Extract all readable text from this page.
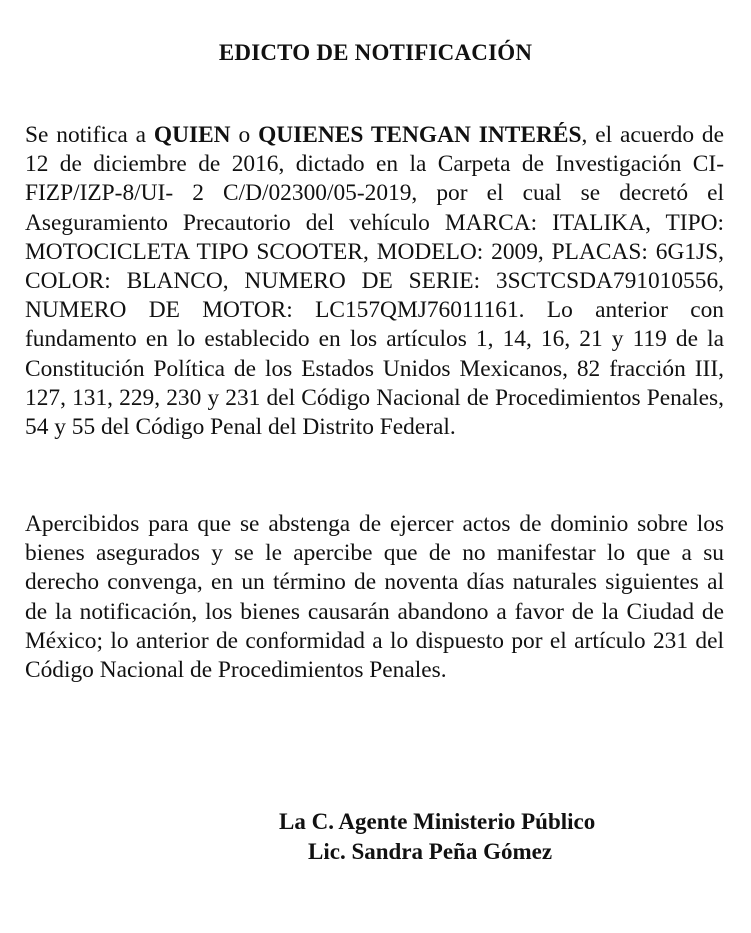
EDICTO DE NOTIFICACIÓN

Se notifica a QUIEN o QUIENES TENGAN INTERÉS, el acuerdo de 12 de diciembre de 2016, dictado en la Carpeta de Investigación CI-FIZP/IZP-8/UI- 2 C/D/02300/05-2019, por el cual se decretó el Aseguramiento Precautorio del vehículo MARCA: ITALIKA, TIPO: MOTOCICLETA TIPO SCOOTER, MODELO: 2009, PLACAS: 6G1JS, COLOR: BLANCO, NUMERO DE SERIE: 3SCTCSDA791010556, NUMERO DE MOTOR: LC157QMJ76011161. Lo anterior con fundamento en lo establecido en los artículos 1, 14, 16, 21 y 119 de la Constitución Política de los Estados Unidos Mexicanos, 82 fracción III, 127, 131, 229, 230 y 231 del Código Nacional de Procedimientos Penales, 54 y 55 del Código Penal del Distrito Federal.

Apercibidos para que se abstenga de ejercer actos de dominio sobre los bienes asegurados y se le apercibe que de no manifestar lo que a su derecho convenga, en un término de noventa días naturales siguientes al de la notificación, los bienes causarán abandono a favor de la Ciudad de México; lo anterior de conformidad a lo dispuesto por el artículo 231 del Código Nacional de Procedimientos Penales.

La C. Agente Ministerio Público
Lic. Sandra Peña Gómez
